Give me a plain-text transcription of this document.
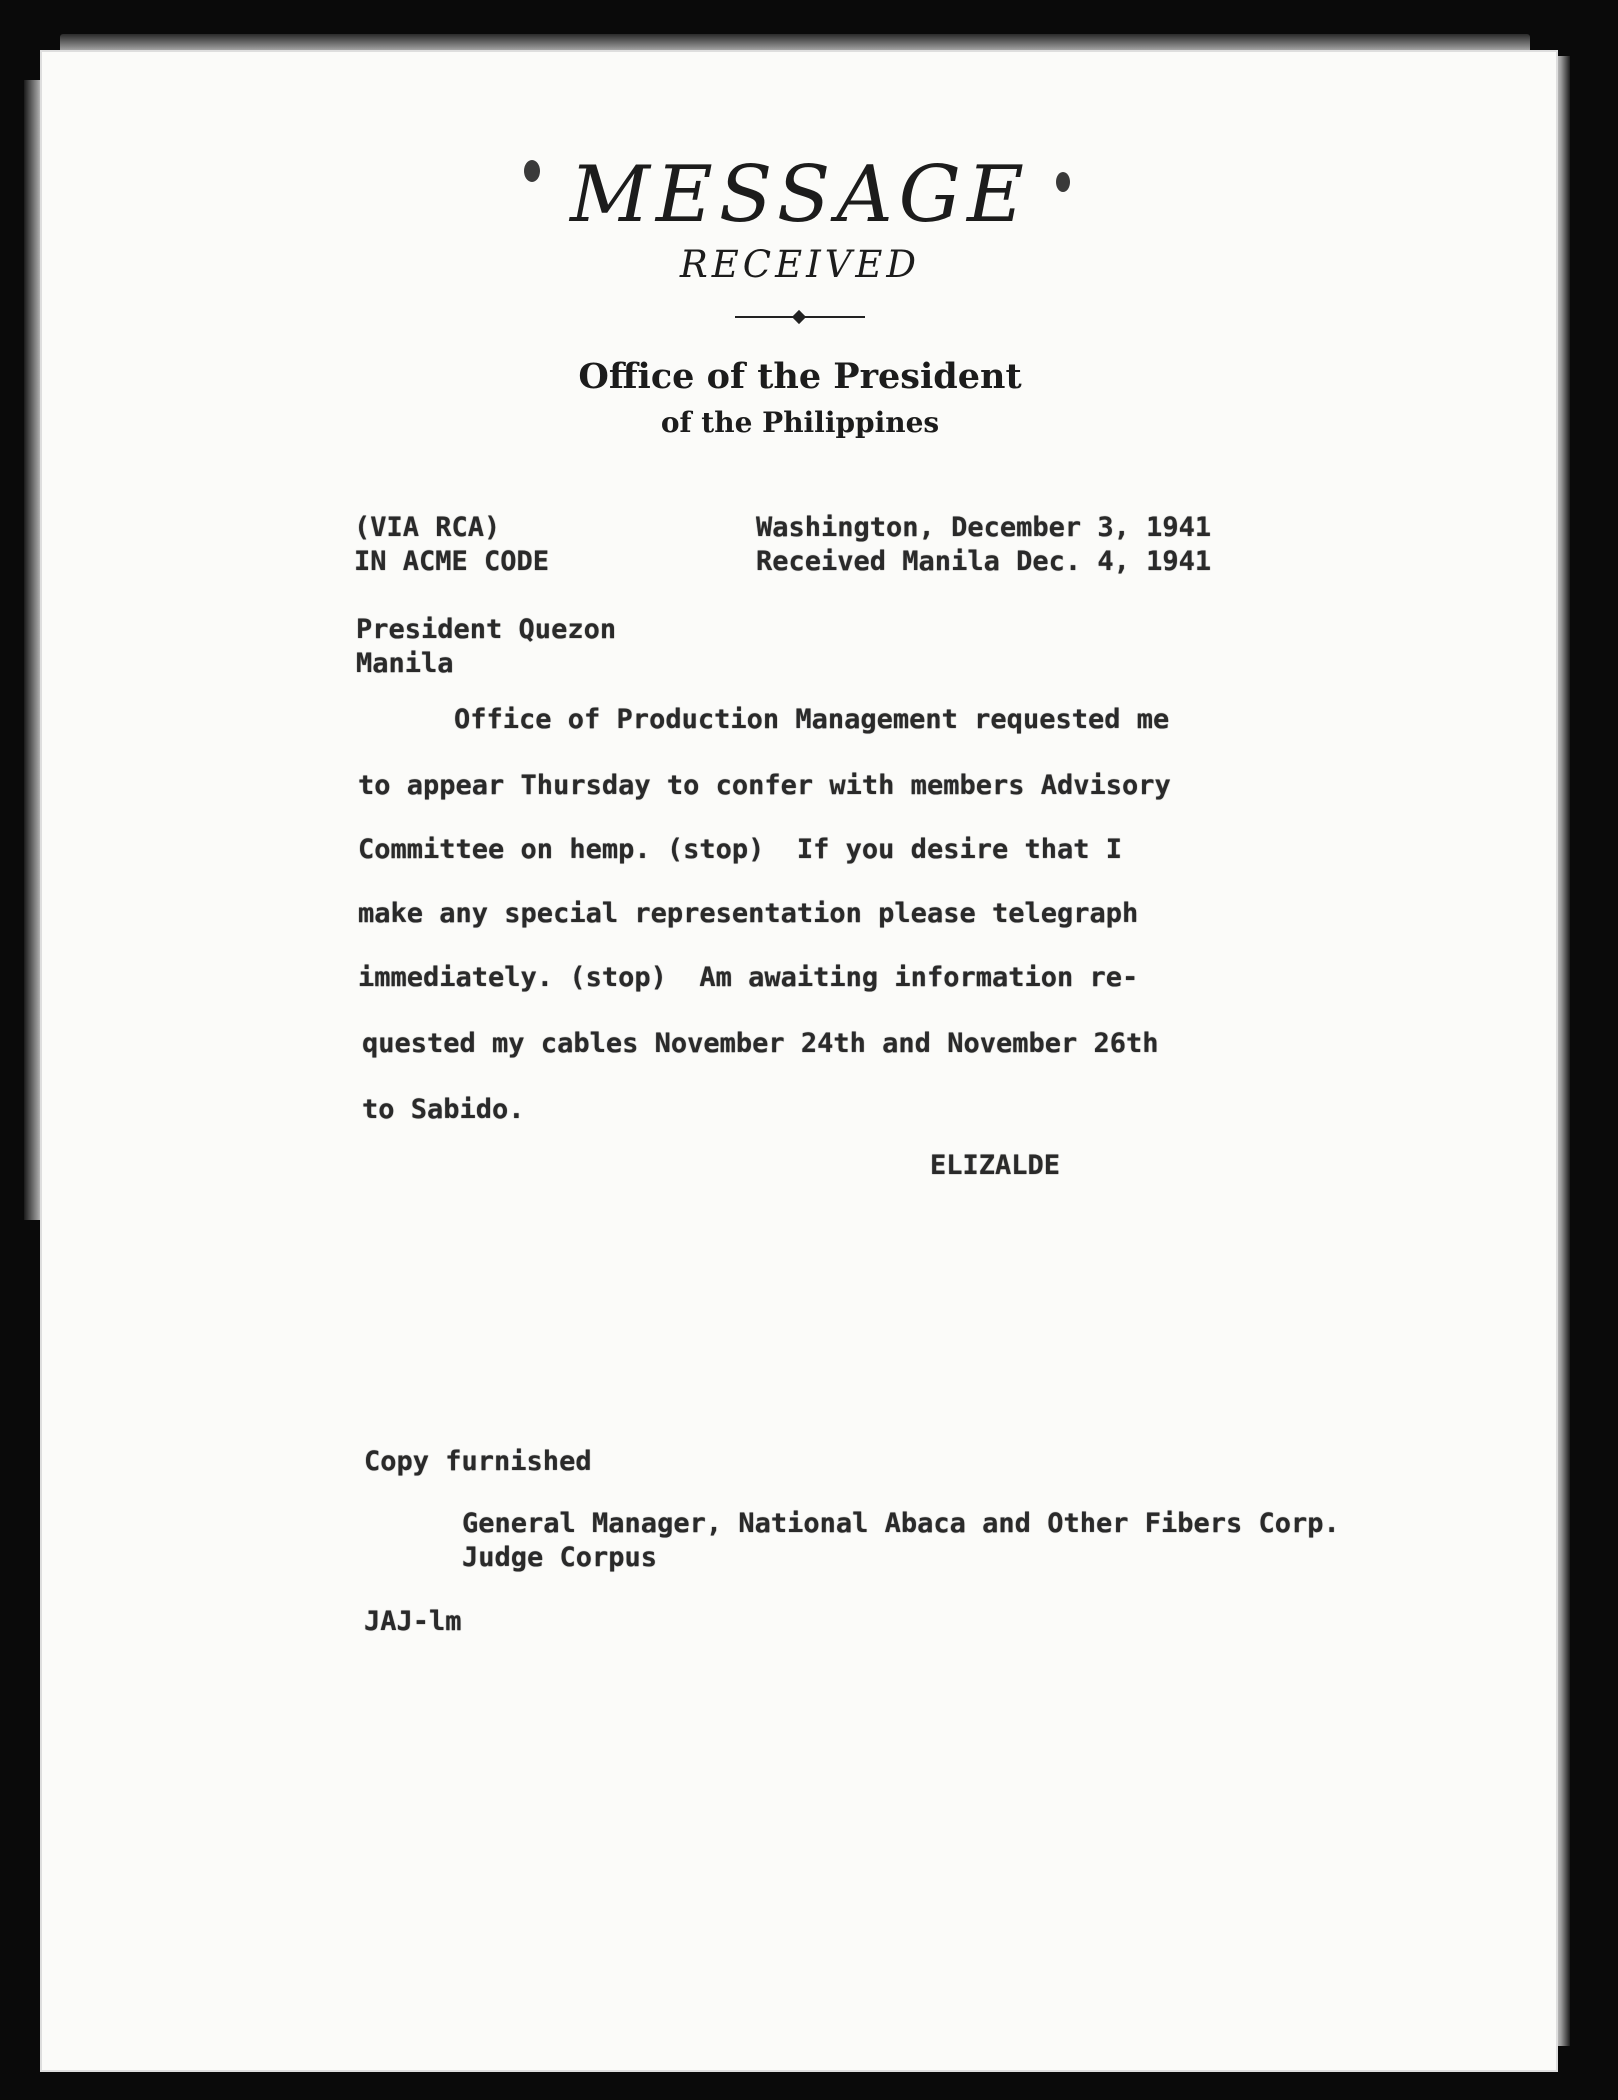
MESSAGE
RECEIVED
Office of the President
of the Philippines
(VIA RCA)
IN ACME CODE
Washington, December 3, 1941
Received Manila Dec. 4, 1941
President Quezon
Manila
Office of Production Management requested me
to appear Thursday to confer with members Advisory
Committee on hemp. (stop)  If you desire that I
make any special representation please telegraph
immediately. (stop)  Am awaiting information re-
quested my cables November 24th and November 26th
to Sabido.
ELIZALDE
Copy furnished
General Manager, National Abaca and Other Fibers Corp.
Judge Corpus
JAJ-lm
